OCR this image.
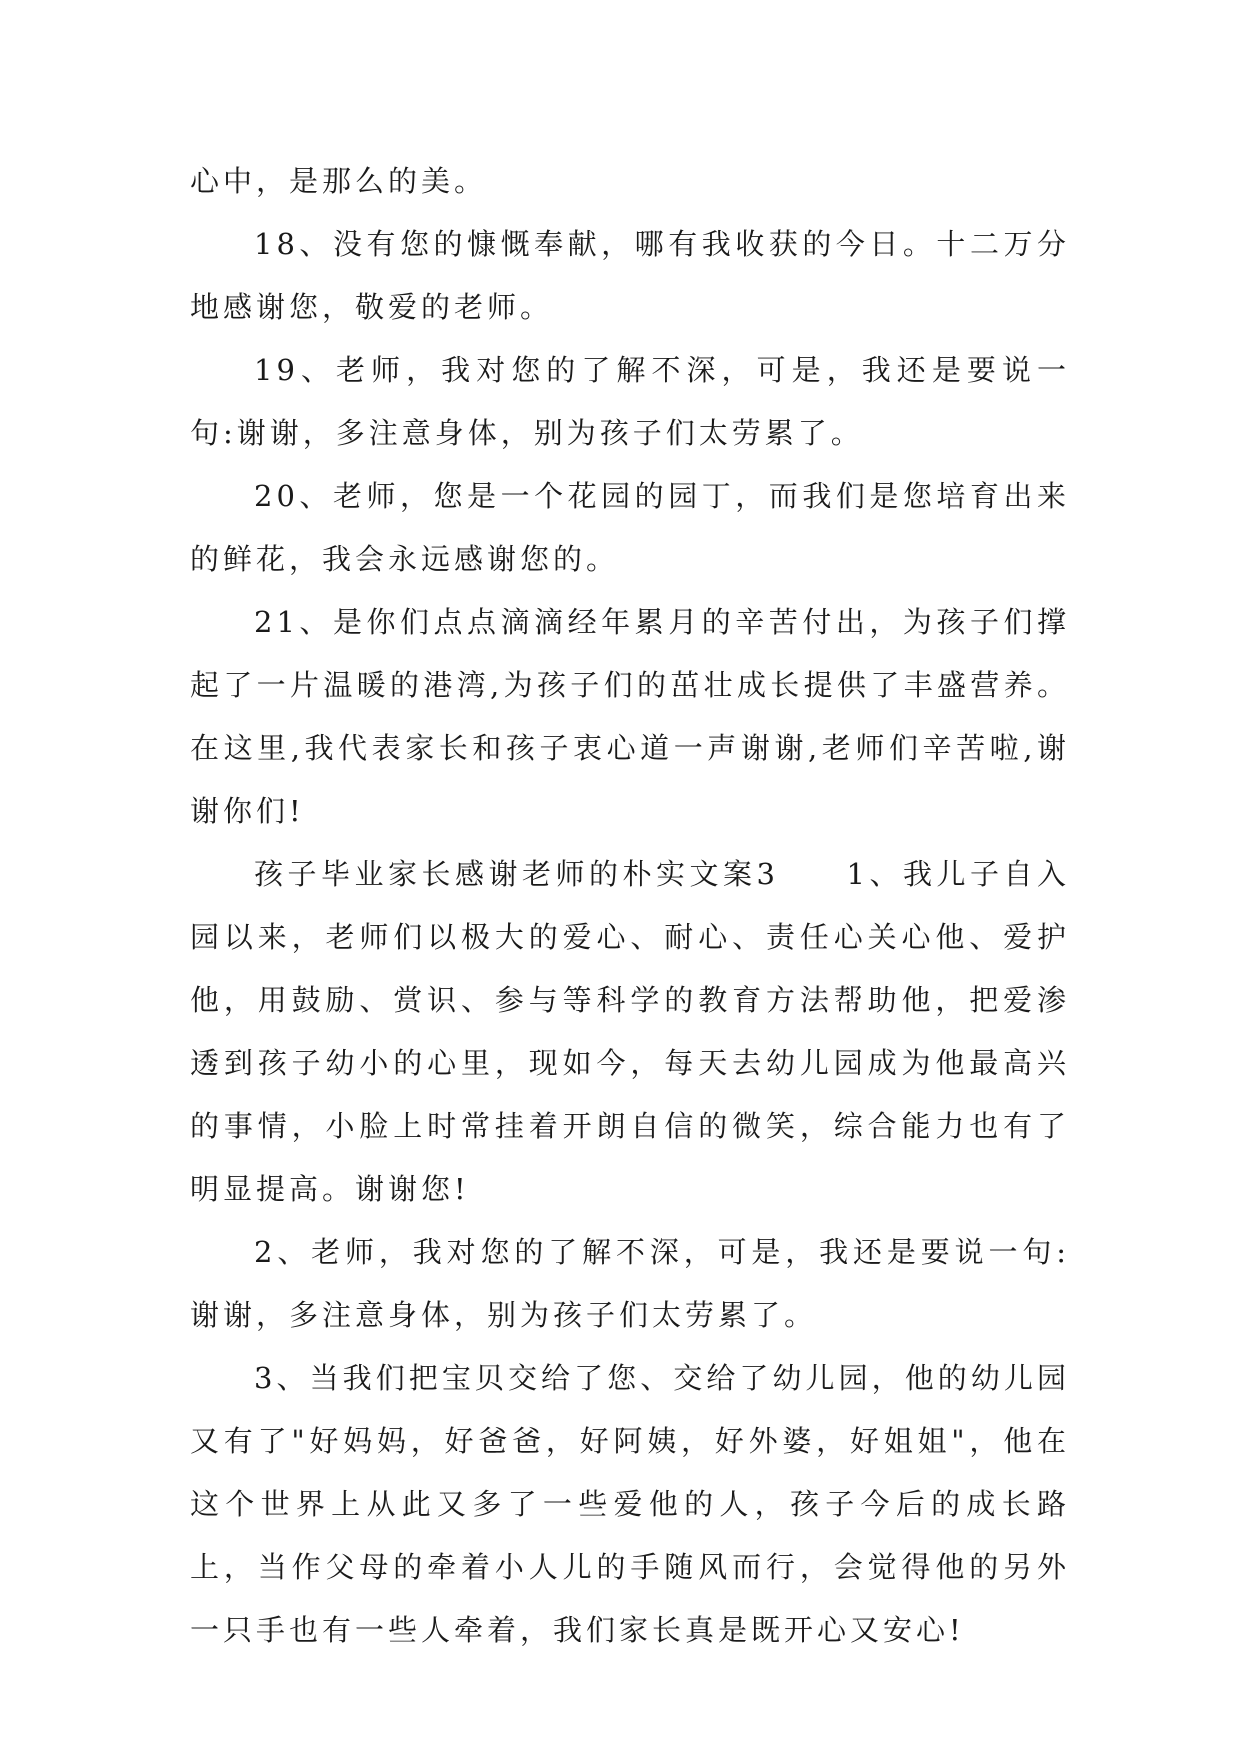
心中，是那么的美。

18、没有您的慷慨奉献，哪有我收获的今日。十二万分地感谢您，敬爱的老师。

19、老师，我对您的了解不深，可是，我还是要说一句:谢谢，多注意身体，别为孩子们太劳累了。

20、老师，您是一个花园的园丁，而我们是您培育出来的鲜花，我会永远感谢您的。

21、是你们点点滴滴经年累月的辛苦付出，为孩子们撑起了一片温暖的港湾,为孩子们的茁壮成长提供了丰盛营养。在这里,我代表家长和孩子衷心道一声谢谢,老师们辛苦啦,谢谢你们!

孩子毕业家长感谢老师的朴实文案3　　1、我儿子自入园以来，老师们以极大的爱心、耐心、责任心关心他、爱护他，用鼓励、赏识、参与等科学的教育方法帮助他，把爱渗透到孩子幼小的心里，现如今，每天去幼儿园成为他最高兴的事情，小脸上时常挂着开朗自信的微笑，综合能力也有了明显提高。谢谢您!

2、老师，我对您的了解不深，可是，我还是要说一句:谢谢，多注意身体，别为孩子们太劳累了。

3、当我们把宝贝交给了您、交给了幼儿园，他的幼儿园又有了"好妈妈，好爸爸，好阿姨，好外婆，好姐姐"，他在这个世界上从此又多了一些爱他的人，孩子今后的成长路上，当作父母的牵着小人儿的手随风而行，会觉得他的另外一只手也有一些人牵着，我们家长真是既开心又安心!
